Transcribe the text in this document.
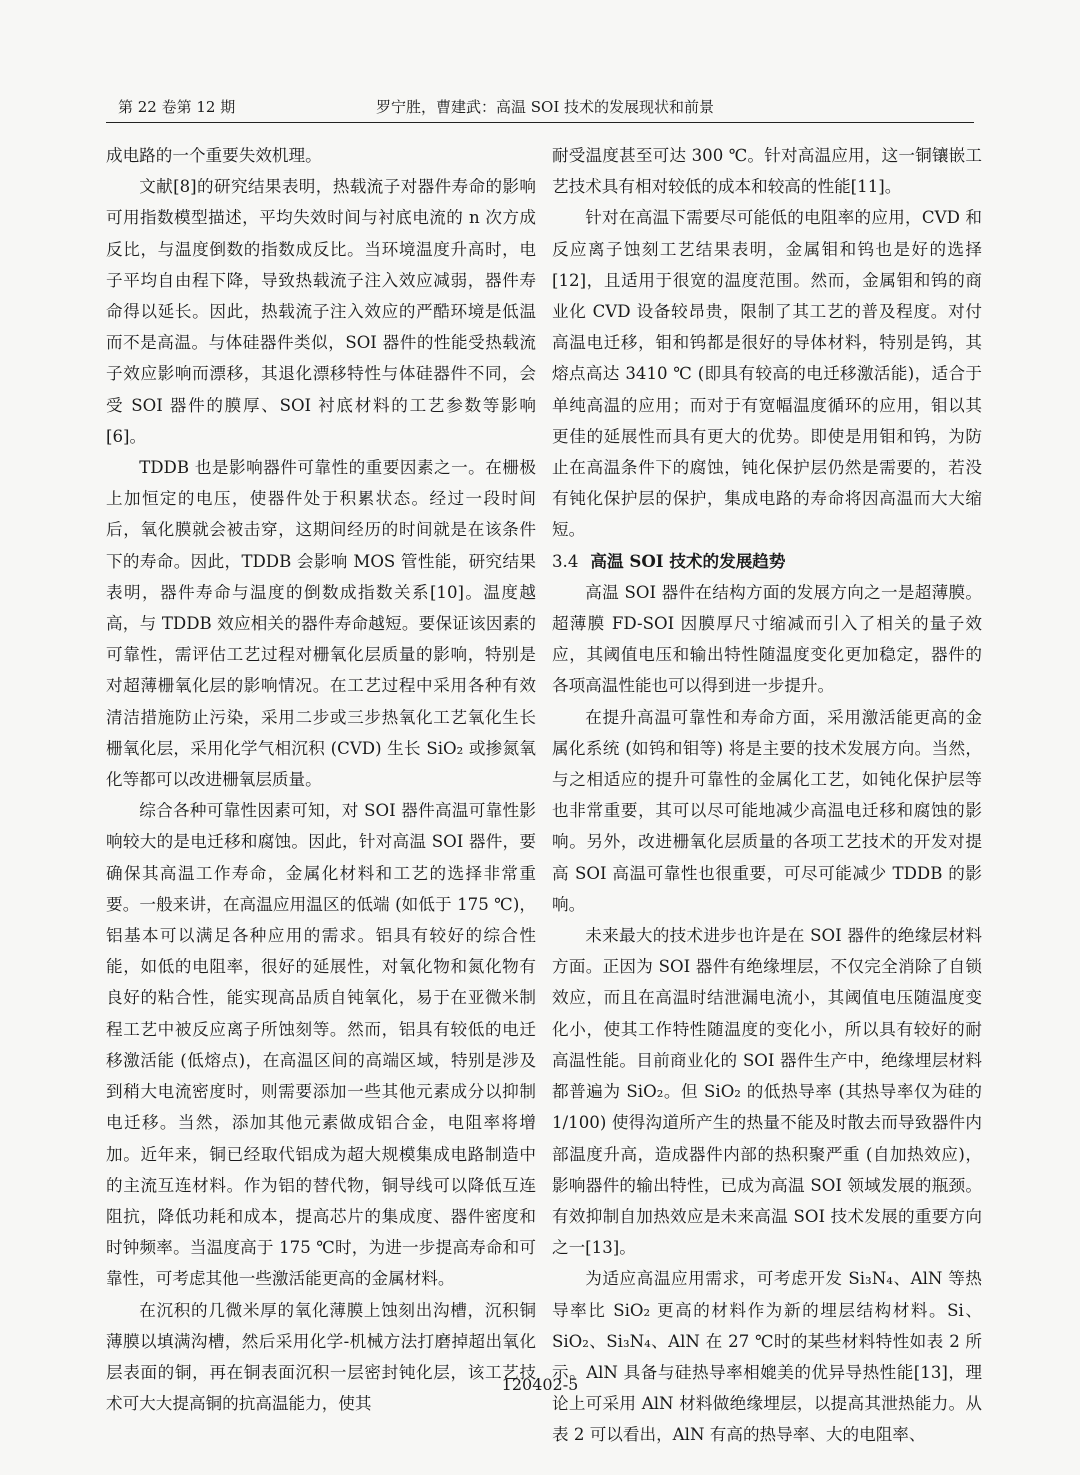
第 22 卷第 12 期	罗宁胜，曹建武：高温 SOI 技术的发展现状和前景

成电路的一个重要失效机理。

文献[8]的研究结果表明，热载流子对器件寿命的影响可用指数模型描述，平均失效时间与衬底电流的 n 次方成反比，与温度倒数的指数成反比。当环境温度升高时，电子平均自由程下降，导致热载流子注入效应减弱，器件寿命得以延长。因此，热载流子注入效应的严酷环境是低温而不是高温。与体硅器件类似，SOI 器件的性能受热载流子效应影响而漂移，其退化漂移特性与体硅器件不同，会受 SOI 器件的膜厚、SOI 衬底材料的工艺参数等影响[6]。

TDDB 也是影响器件可靠性的重要因素之一。在栅极上加恒定的电压，使器件处于积累状态。经过一段时间后，氧化膜就会被击穿，这期间经历的时间就是在该条件下的寿命。因此，TDDB 会影响 MOS 管性能，研究结果表明，器件寿命与温度的倒数成指数关系[10]。温度越高，与 TDDB 效应相关的器件寿命越短。要保证该因素的可靠性，需评估工艺过程对栅氧化层质量的影响，特别是对超薄栅氧化层的影响情况。在工艺过程中采用各种有效清洁措施防止污染，采用二步或三步热氧化工艺氧化生长栅氧化层，采用化学气相沉积 (CVD) 生长 SiO₂ 或掺氮氧化等都可以改进栅氧层质量。

综合各种可靠性因素可知，对 SOI 器件高温可靠性影响较大的是电迁移和腐蚀。因此，针对高温 SOI 器件，要确保其高温工作寿命，金属化材料和工艺的选择非常重要。一般来讲，在高温应用温区的低端 (如低于 175 ℃)，铝基本可以满足各种应用的需求。铝具有较好的综合性能，如低的电阻率，很好的延展性，对氧化物和氮化物有良好的粘合性，能实现高品质自钝氧化，易于在亚微米制程工艺中被反应离子所蚀刻等。然而，铝具有较低的电迁移激活能 (低熔点)，在高温区间的高端区域，特别是涉及到稍大电流密度时，则需要添加一些其他元素成分以抑制电迁移。当然，添加其他元素做成铝合金，电阻率将增加。近年来，铜已经取代铝成为超大规模集成电路制造中的主流互连材料。作为铝的替代物，铜导线可以降低互连阻抗，降低功耗和成本，提高芯片的集成度、器件密度和时钟频率。当温度高于 175 ℃时，为进一步提高寿命和可靠性，可考虑其他一些激活能更高的金属材料。

在沉积的几微米厚的氧化薄膜上蚀刻出沟槽，沉积铜薄膜以填满沟槽，然后采用化学-机械方法打磨掉超出氧化层表面的铜，再在铜表面沉积一层密封钝化层，该工艺技术可大大提高铜的抗高温能力，使其

耐受温度甚至可达 300 ℃。针对高温应用，这一铜镶嵌工艺技术具有相对较低的成本和较高的性能[11]。

针对在高温下需要尽可能低的电阻率的应用，CVD 和反应离子蚀刻工艺结果表明，金属钼和钨也是好的选择[12]，且适用于很宽的温度范围。然而，金属钼和钨的商业化 CVD 设备较昂贵，限制了其工艺的普及程度。对付高温电迁移，钼和钨都是很好的导体材料，特别是钨，其熔点高达 3410 ℃ (即具有较高的电迁移激活能)，适合于单纯高温的应用；而对于有宽幅温度循环的应用，钼以其更佳的延展性而具有更大的优势。即使是用钼和钨，为防止在高温条件下的腐蚀，钝化保护层仍然是需要的，若没有钝化保护层的保护，集成电路的寿命将因高温而大大缩短。

3.4 高温 SOI 技术的发展趋势

高温 SOI 器件在结构方面的发展方向之一是超薄膜。超薄膜 FD-SOI 因膜厚尺寸缩减而引入了相关的量子效应，其阈值电压和输出特性随温度变化更加稳定，器件的各项高温性能也可以得到进一步提升。

在提升高温可靠性和寿命方面，采用激活能更高的金属化系统 (如钨和钼等) 将是主要的技术发展方向。当然，与之相适应的提升可靠性的金属化工艺，如钝化保护层等也非常重要，其可以尽可能地减少高温电迁移和腐蚀的影响。另外，改进栅氧化层质量的各项工艺技术的开发对提高 SOI 高温可靠性也很重要，可尽可能减少 TDDB 的影响。

未来最大的技术进步也许是在 SOI 器件的绝缘层材料方面。正因为 SOI 器件有绝缘埋层，不仅完全消除了自锁效应，而且在高温时结泄漏电流小，其阈值电压随温度变化小，使其工作特性随温度的变化小，所以具有较好的耐高温性能。目前商业化的 SOI 器件生产中，绝缘埋层材料都普遍为 SiO₂。但 SiO₂ 的低热导率 (其热导率仅为硅的 1/100) 使得沟道所产生的热量不能及时散去而导致器件内部温度升高，造成器件内部的热积聚严重 (自加热效应)，影响器件的输出特性，已成为高温 SOI 领域发展的瓶颈。有效抑制自加热效应是未来高温 SOI 技术发展的重要方向之一[13]。

为适应高温应用需求，可考虑开发 Si₃N₄、AlN 等热导率比 SiO₂ 更高的材料作为新的埋层结构材料。Si、SiO₂、Si₃N₄、AlN 在 27 ℃时的某些材料特性如表 2 所示。AlN 具备与硅热导率相媲美的优异导热性能[13]，理论上可采用 AlN 材料做绝缘埋层，以提高其泄热能力。从表 2 可以看出，AlN 有高的热导率、大的电阻率、

120402-5
